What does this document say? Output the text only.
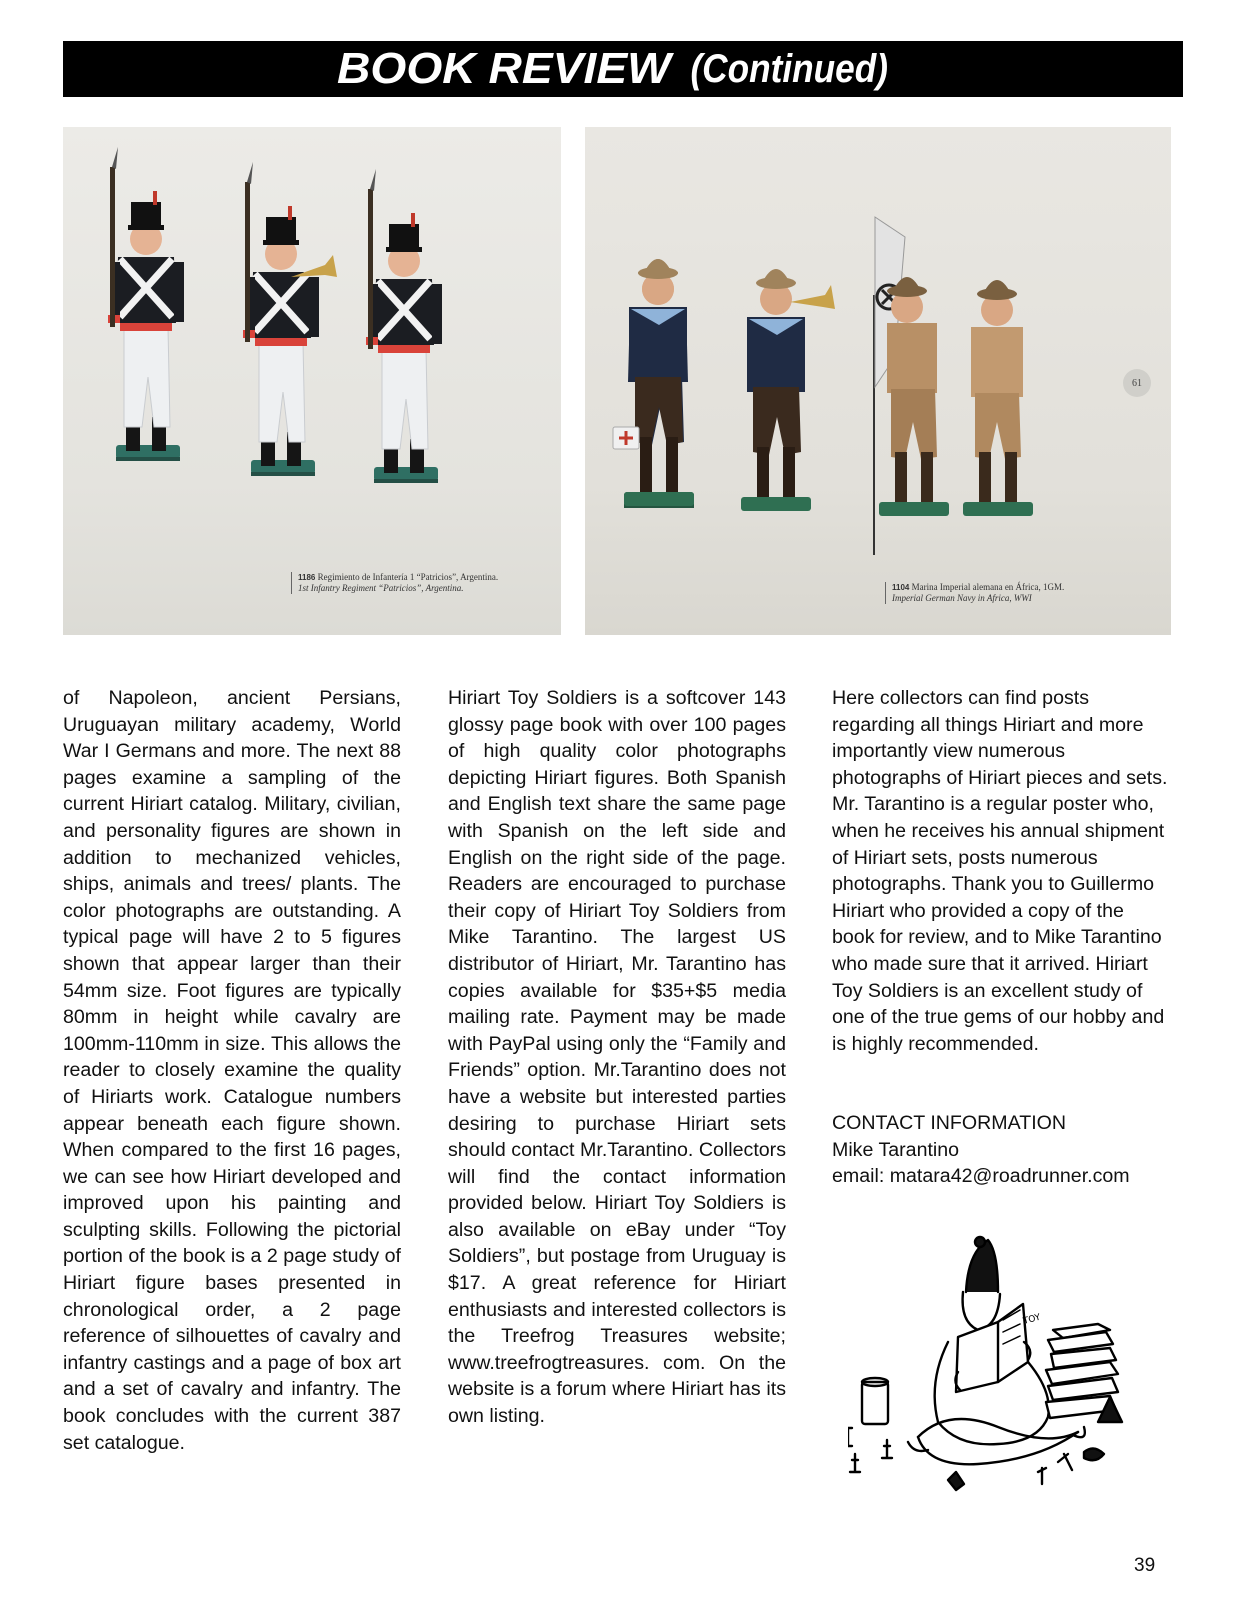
BOOK REVIEW (Continued)
1186 Regimiento de Infantería 1 “Patricios”, Argentina.
1st Infantry Regiment “Patricios”, Argentina.
61
1104 Marina Imperial alemana en África, 1GM.
Imperial German Navy in Africa, WWI
of Napoleon, ancient Persians, Uruguayan military academy, World War I Germans and more. The next 88 pages examine a sampling of the current Hiriart catalog. Military, civilian, and personality figures are shown in addition to mechanized vehicles, ships, animals and trees/ plants. The color photographs are outstanding. A typical page will have 2 to 5 figures shown that appear larger than their 54mm size. Foot figures are typically 80mm in height while cavalry are 100mm-110mm in size. This allows the reader to closely examine the quality of Hiriarts work. Catalogue numbers appear beneath each figure shown. When compared to the first 16 pages, we can see how Hiriart developed and improved upon his painting and sculpting skills. Following the pictorial portion of the book is a 2 page study of Hiriart figure bases presented in chronological order, a 2 page reference of silhouettes of cavalry and infantry castings and a page of box art and a set of cavalry and infantry. The book concludes with the current 387 set catalogue.
Hiriart Toy Soldiers is a softcover 143 glossy page book with over 100 pages of high quality color photographs depicting Hiriart figures. Both Spanish and English text share the same page with Spanish on the left side and English on the right side of the page. Readers are encouraged to purchase their copy of Hiriart Toy Soldiers from Mike Tarantino. The largest US distributor of Hiriart, Mr. Tarantino has copies available for $35+$5 media mailing rate. Payment may be made with PayPal using only the “Family and Friends” option. Mr.Tarantino does not have a website but interested parties desiring to purchase Hiriart sets should contact Mr.Tarantino. Collectors will find the contact information provided below. Hiriart Toy Soldiers is also available on eBay under “Toy Soldiers”, but postage from Uruguay is $17. A great reference for Hiriart enthusiasts and interested collectors is the Treefrog Treasures website; www.treefrogtreasures. com. On the website is a forum where Hiriart has its own listing.
Here collectors can find posts regarding all things Hiriart and more importantly view numerous photographs of Hiriart pieces and sets. Mr. Tarantino is a regular poster who, when he receives his annual shipment of Hiriart sets, posts numerous photographs. Thank you to Guillermo Hiriart who provided a copy of the book for review, and to Mike Tarantino who made sure that it arrived. Hiriart Toy Soldiers is an excellent study of one of the true gems of our hobby and is highly recommended.
CONTACT INFORMATION
Mike Tarantino
email: matara42@roadrunner.com
TOY
39
